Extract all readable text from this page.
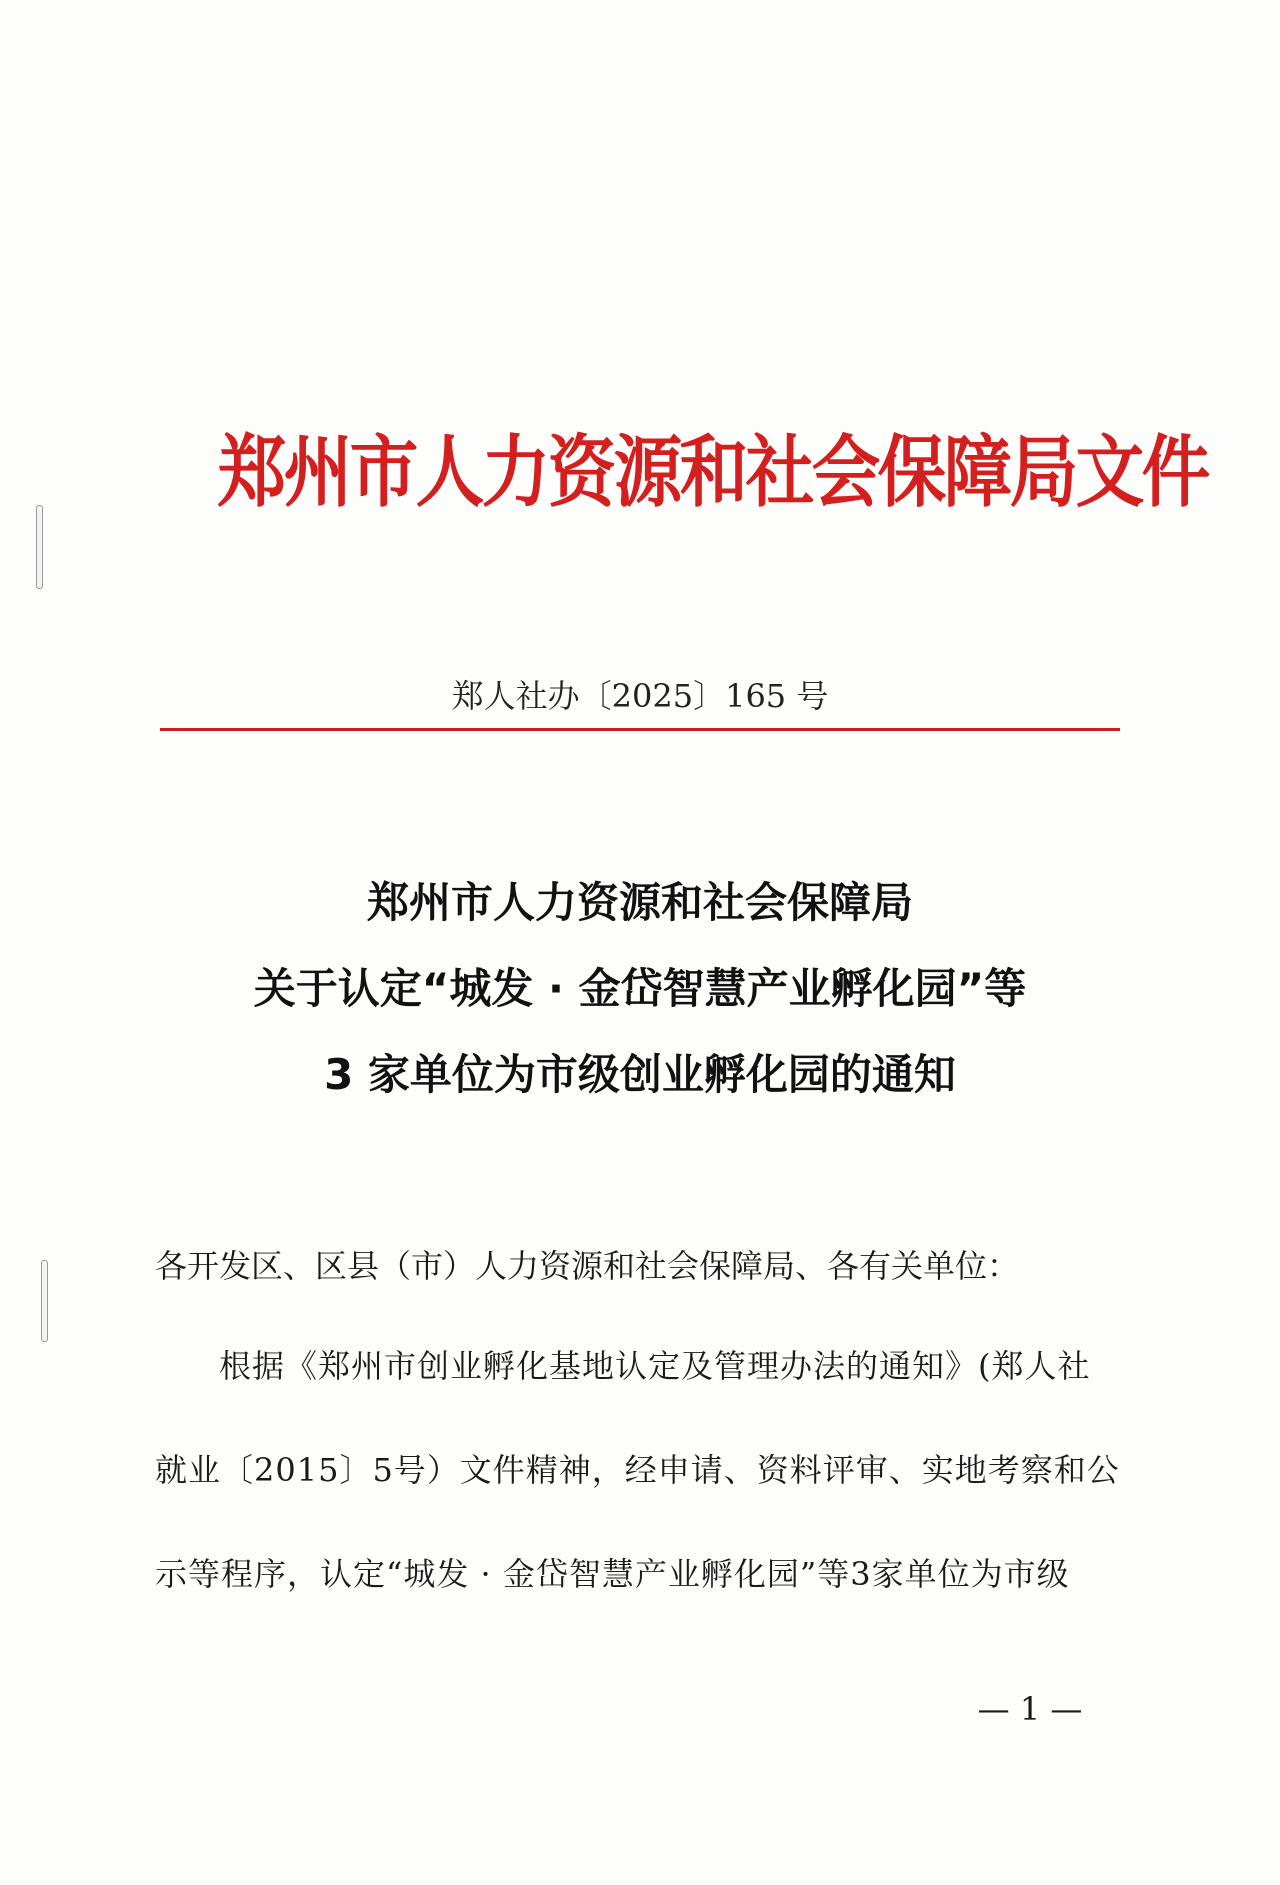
郑州市人力资源和社会保障局文件
郑人社办〔2025〕165 号
郑州市人力资源和社会保障局
关于认定“城发 · 金岱智慧产业孵化园”等
3 家单位为市级创业孵化园的通知
各开发区、区县（市）人力资源和社会保障局、各有关单位：
根据《郑州市创业孵化基地认定及管理办法的通知》(郑人社
就业〔2015〕5号）文件精神，经申请、资料评审、实地考察和公
示等程序，认定“城发 · 金岱智慧产业孵化园”等3家单位为市级
— 1 —
